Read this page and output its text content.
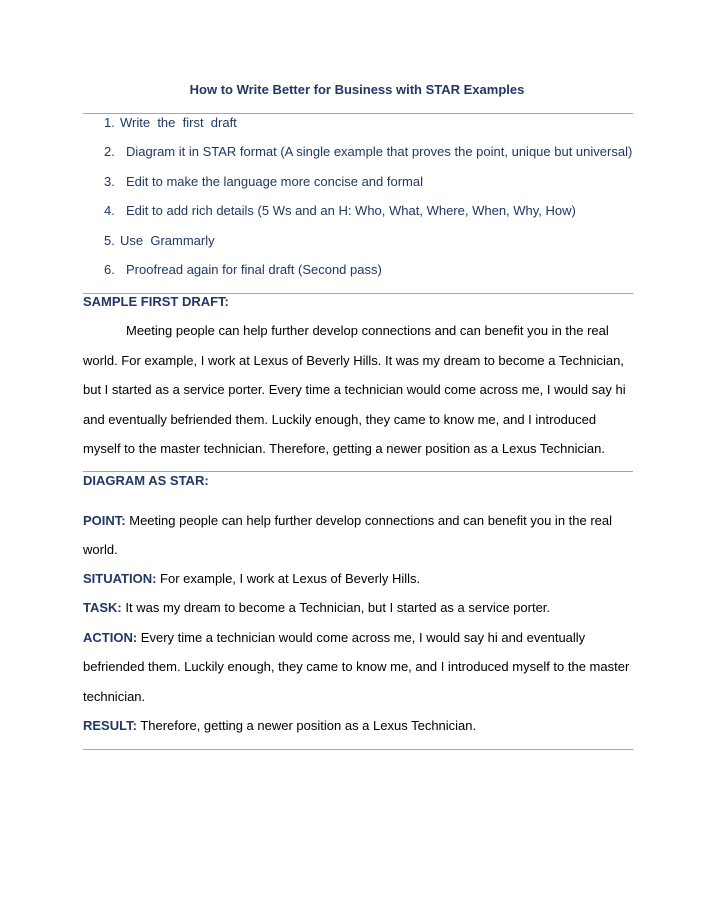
How to Write Better for Business with STAR Examples
1. Write  the  first  draft
2. Diagram it in STAR format (A single example that proves the point, unique but universal)
3. Edit to make the language more concise and formal
4. Edit to add rich details (5 Ws and an H: Who, What, Where, When, Why, How)
5. Use  Grammarly
6. Proofread again for final draft (Second pass)
SAMPLE FIRST DRAFT:
Meeting people can help further develop connections and can benefit you in the real
world. For example, I work at Lexus of Beverly Hills. It was my dream to become a Technician,
but I started as a service porter. Every time a technician would come across me, I would say hi
and eventually befriended them. Luckily enough, they came to know me, and I introduced
myself to the master technician. Therefore, getting a newer position as a Lexus Technician.
DIAGRAM AS STAR:
POINT: Meeting people can help further develop connections and can benefit you in the real
world.
SITUATION: For example, I work at Lexus of Beverly Hills.
TASK: It was my dream to become a Technician, but I started as a service porter.
ACTION: Every time a technician would come across me, I would say hi and eventually
befriended them. Luckily enough, they came to know me, and I introduced myself to the master
technician.
RESULT: Therefore, getting a newer position as a Lexus Technician.
